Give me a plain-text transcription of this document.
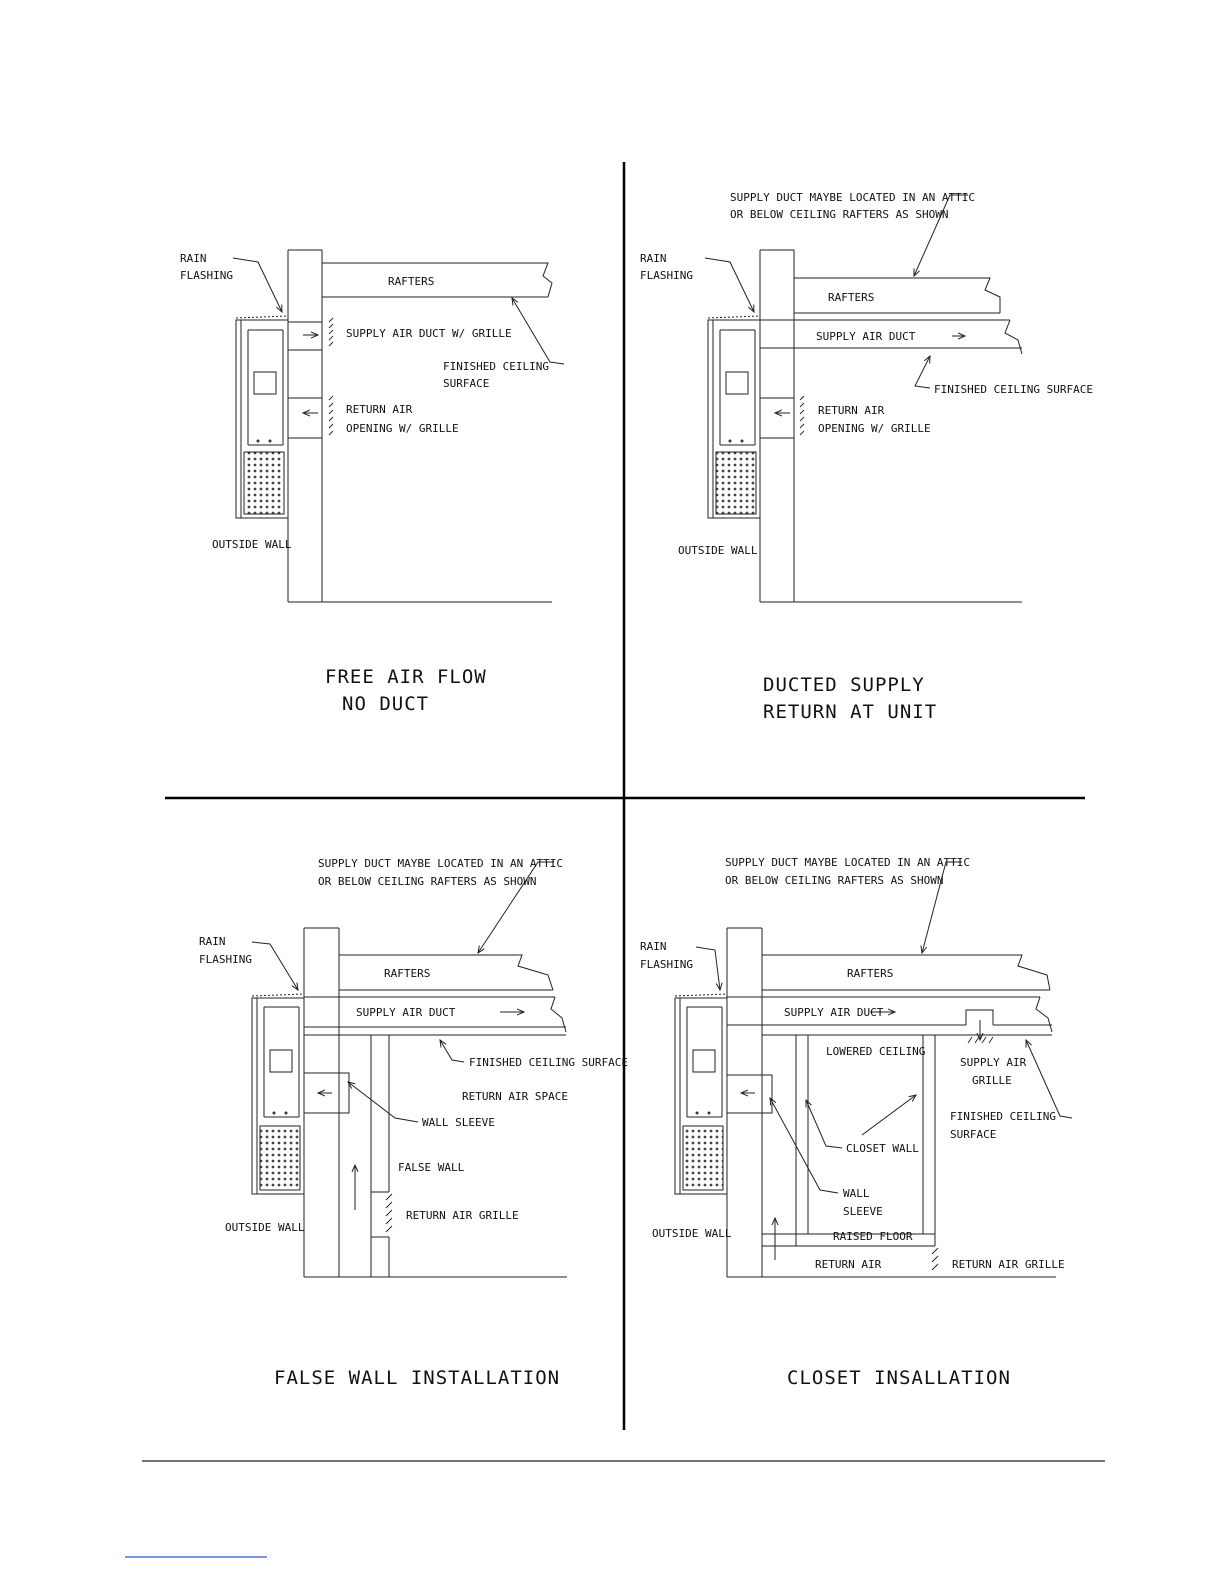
RAIN
FLASHING	RAFTERS
SUPPLY AIR DUCT W/ GRILLE
FINISHED CEILING
SURFACE
RETURN AIR
OPENING W/ GRILLE
OUTSIDE WALL
FREE AIR FLOW
NO DUCT
SUPPLY DUCT MAYBE LOCATED IN AN ATTIC
OR BELOW CEILING RAFTERS AS SHOWN
RAIN
FLASHING
RAFTERS
SUPPLY AIR DUCT
FINISHED CEILING SURFACE
RETURN AIR
OPENING W/ GRILLE
OUTSIDE WALL
DUCTED SUPPLY
RETURN AT UNIT
SUPPLY DUCT MAYBE LOCATED IN AN ATTIC
OR BELOW CEILING RAFTERS AS SHOWN
RAIN
FLASHING
RAFTERS
SUPPLY AIR DUCT
FINISHED CEILING SURFACE
RETURN AIR SPACE
WALL SLEEVE
FALSE WALL
RETURN AIR GRILLE
OUTSIDE WALL
FALSE WALL INSTALLATION
SUPPLY DUCT MAYBE LOCATED IN AN ATTIC
OR BELOW CEILING RAFTERS AS SHOWN
RAIN
FLASHING
RAFTERS
SUPPLY AIR DUCT
LOWERED CEILING
SUPPLY AIR
GRILLE
FINISHED CEILING
SURFACE
CLOSET WALL
WALL
SLEEVE
RAISED FLOOR
RETURN AIR	RETURN AIR GRILLE
OUTSIDE WALL
CLOSET INSALLATION
